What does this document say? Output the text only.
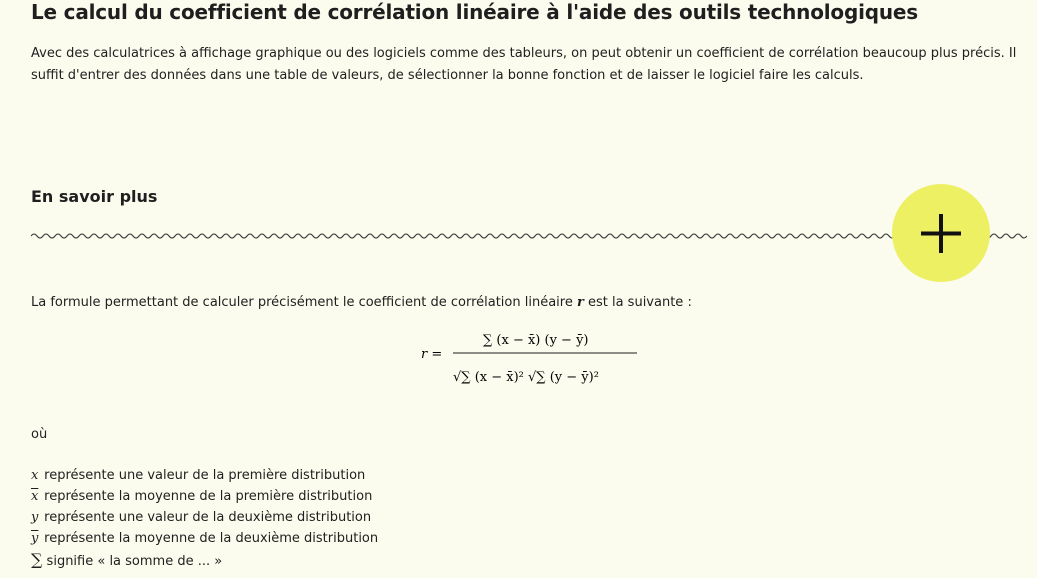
Le calcul du coefficient de corrélation linéaire à l'aide des outils technologiques

Avec des calculatrices à affichage graphique ou des logiciels comme des tableurs, on peut obtenir un coefficient de corrélation beaucoup plus précis. Il suffit d'entrer des données dans une table de valeurs, de sélectionner la bonne fonction et de laisser le logiciel faire les calculs.

En savoir plus

La formule permettant de calculer précisément le coefficient de corrélation linéaire r est la suivante :

r =
∑ (x − x̄) (y − ȳ)
√∑ (x − x̄)² √∑ (y − ȳ)²

où

x représente une valeur de la première distribution
$\overline{x}$ représente la moyenne de la première distribution
y représente une valeur de la deuxième distribution
$\overline{y}$ représente la moyenne de la deuxième distribution
∑ signifie « la somme de ... »
